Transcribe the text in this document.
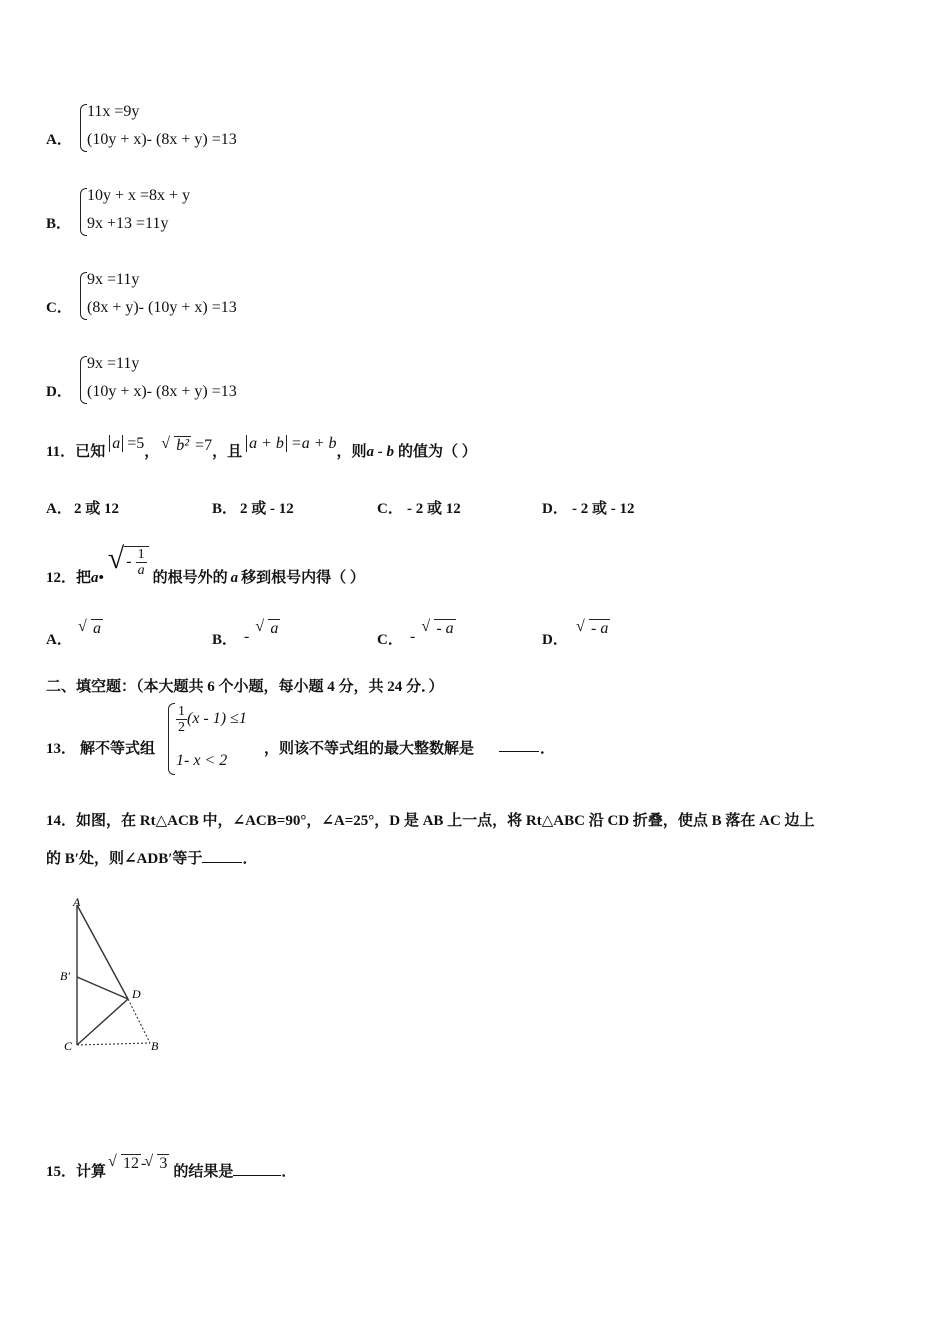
A．
11x =9y
(10y + x)- (8x + y) =13
B．
10y + x =8x + y
9x +13 =11y
C．
9x =11y
(8x + y)- (10y + x) =13
D．
9x =11y
(10y + x)- (8x + y) =13
11．已知 a =5， √ b² =7，且 a + b =a + b，则a - b 的值为（ ）
A． 2 或 12	B． 2 或 - 12	C． - 2 或 12	D． - 2 或 - 12
12．把a• √ - $\frac{1}{a}$
的根号外的 a 移到根号内得（ ）
A．
√ a
B． - √ a
C． - √ - a
D．
√ - a
二、填空题：（本大题共 6 个小题，每小题 4 分，共 24 分．）
13． 解不等式组
$\frac{1}{2} (x - 1) \le 1$
1- x < 2
，则该不等式组的最大整数解是	．
14．如图，在 Rt△ACB 中，∠ACB=90°，∠A=25°，D 是 AB 上一点，将 Rt△ABC 沿 CD 折叠，使点 B 落在 AC 边上
的 B′处，则∠ADB′等于	．
A
B′
D
C	B
15．计算 √ 12 - √ 3 的结果是	．
